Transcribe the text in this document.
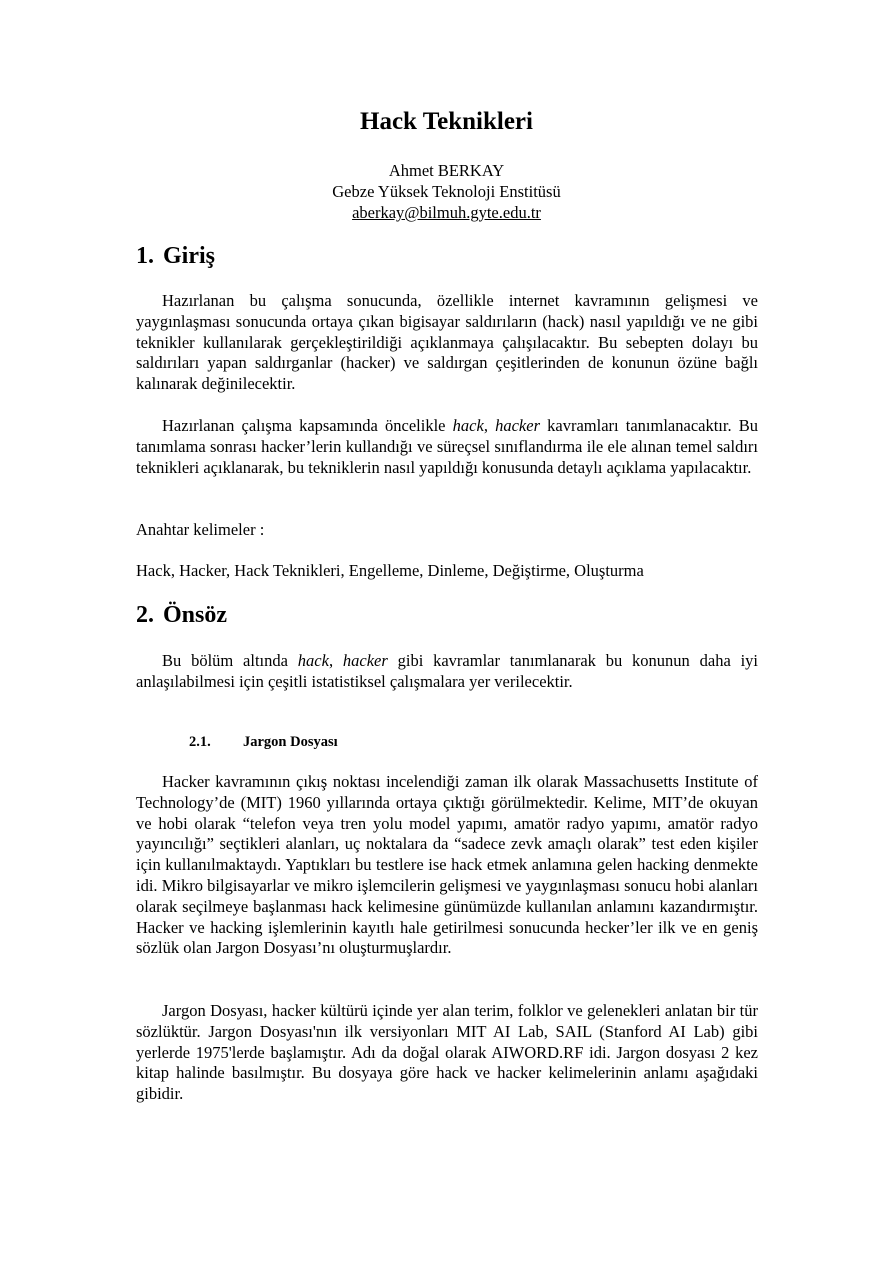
Hack Teknikleri
Ahmet BERKAY
Gebze Yüksek Teknoloji Enstitüsü
aberkay@bilmuh.gyte.edu.tr
1. Giriş

Hazırlanan bu çalışma sonucunda, özellikle internet kavramının gelişmesi ve yaygınlaşması sonucunda ortaya çıkan bigisayar saldırıların (hack) nasıl yapıldığı ve ne gibi teknikler kullanılarak gerçekleştirildiği açıklanmaya çalışılacaktır. Bu sebepten dolayı bu saldırıları yapan saldırganlar (hacker) ve saldırgan çeşitlerinden de konunun özüne bağlı kalınarak değinilecektir.

Hazırlanan çalışma kapsamında öncelikle hack, hacker kavramları tanımlanacaktır. Bu tanımlama sonrası hacker’lerin kullandığı ve süreçsel sınıflandırma ile ele alınan temel saldırı teknikleri açıklanarak, bu tekniklerin nasıl yapıldığı konusunda detaylı açıklama yapılacaktır.

Anahtar kelimeler :

Hack, Hacker, Hack Teknikleri, Engelleme, Dinleme, Değiştirme, Oluşturma

2. Önsöz

Bu bölüm altında hack, hacker gibi kavramlar tanımlanarak bu konunun daha iyi anlaşılabilmesi için çeşitli istatistiksel çalışmalara yer verilecektir.

2.1. Jargon Dosyası

Hacker kavramının çıkış noktası incelendiği zaman ilk olarak Massachusetts Institute of Technology’de (MIT) 1960 yıllarında ortaya çıktığı görülmektedir. Kelime, MIT’de okuyan ve hobi olarak “telefon veya tren yolu model yapımı, amatör radyo yapımı, amatör radyo yayıncılığı” seçtikleri alanları, uç noktalara da “sadece zevk amaçlı olarak” test eden kişiler için kullanılmaktaydı. Yaptıkları bu testlere ise hack etmek anlamına gelen hacking denmekte idi. Mikro bilgisayarlar ve mikro işlemcilerin gelişmesi ve yaygınlaşması sonucu hobi alanları olarak seçilmeye başlanması hack kelimesine günümüzde kullanılan anlamını kazandırmıştır. Hacker ve hacking işlemlerinin kayıtlı hale getirilmesi sonucunda hecker’ler ilk ve en geniş sözlük olan Jargon Dosyası’nı oluşturmuşlardır.

Jargon Dosyası, hacker kültürü içinde yer alan terim, folklor ve gelenekleri anlatan bir tür sözlüktür. Jargon Dosyası'nın ilk versiyonları MIT AI Lab, SAIL (Stanford AI Lab) gibi yerlerde 1975'lerde başlamıştır. Adı da doğal olarak AIWORD.RF idi. Jargon dosyası 2 kez kitap halinde basılmıştır. Bu dosyaya göre hack ve hacker kelimelerinin anlamı aşağıdaki gibidir.
